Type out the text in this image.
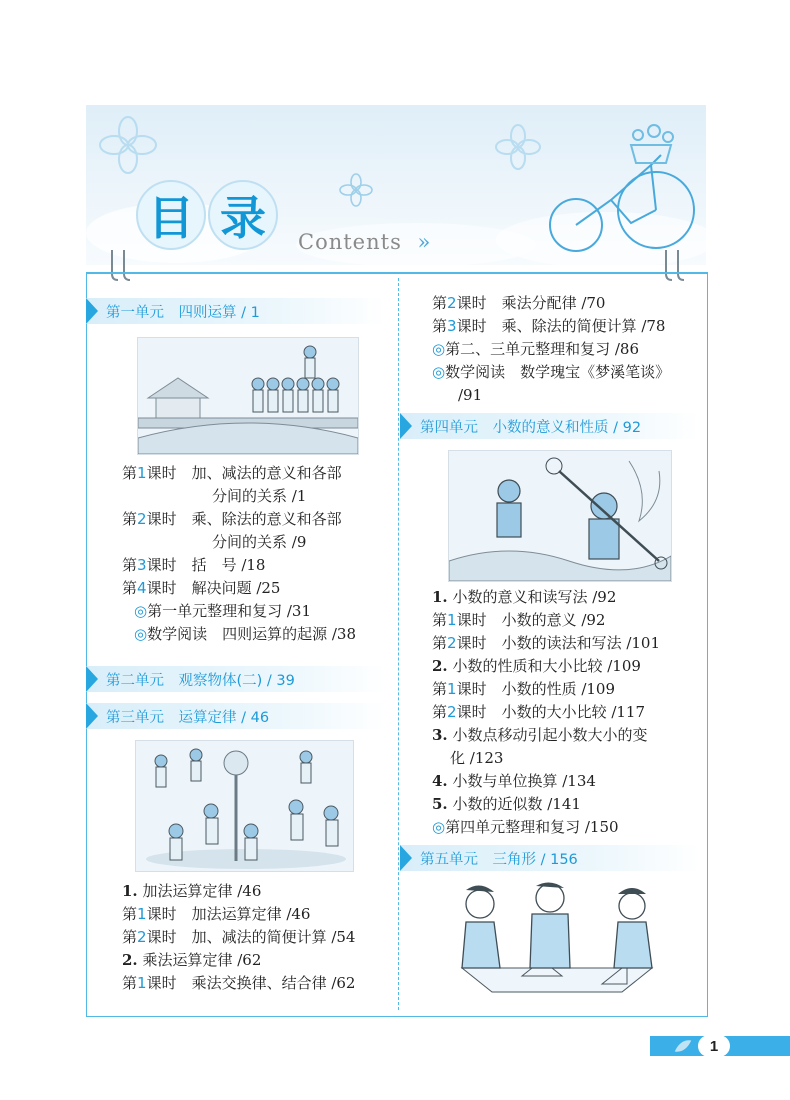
目 录 Contents »
第一单元　四则运算 / 1
第1课时　加、减法的意义和各部
分间的关系 /1
第2课时　乘、除法的意义和各部
分间的关系 /9
第3课时　括　号 /18
第4课时　解决问题 /25
◎第一单元整理和复习 /31
◎数学阅读　四则运算的起源 /38
第二单元　观察物体(二) / 39
第三单元　运算定律 / 46
1. 加法运算定律 /46
第1课时　加法运算定律 /46
第2课时　加、减法的简便计算 /54
2. 乘法运算定律 /62
第1课时　乘法交换律、结合律 /62
第2课时　乘法分配律 /70
第3课时　乘、除法的简便计算 /78
◎第二、三单元整理和复习 /86
◎数学阅读　数学瑰宝《梦溪笔谈》
/91
第四单元　小数的意义和性质 / 92
1. 小数的意义和读写法 /92
第1课时　小数的意义 /92
第2课时　小数的读法和写法 /101
2. 小数的性质和大小比较 /109
第1课时　小数的性质 /109
第2课时　小数的大小比较 /117
3. 小数点移动引起小数大小的变
化 /123
4. 小数与单位换算 /134
5. 小数的近似数 /141
◎第四单元整理和复习 /150
第五单元　三角形 / 156
1
